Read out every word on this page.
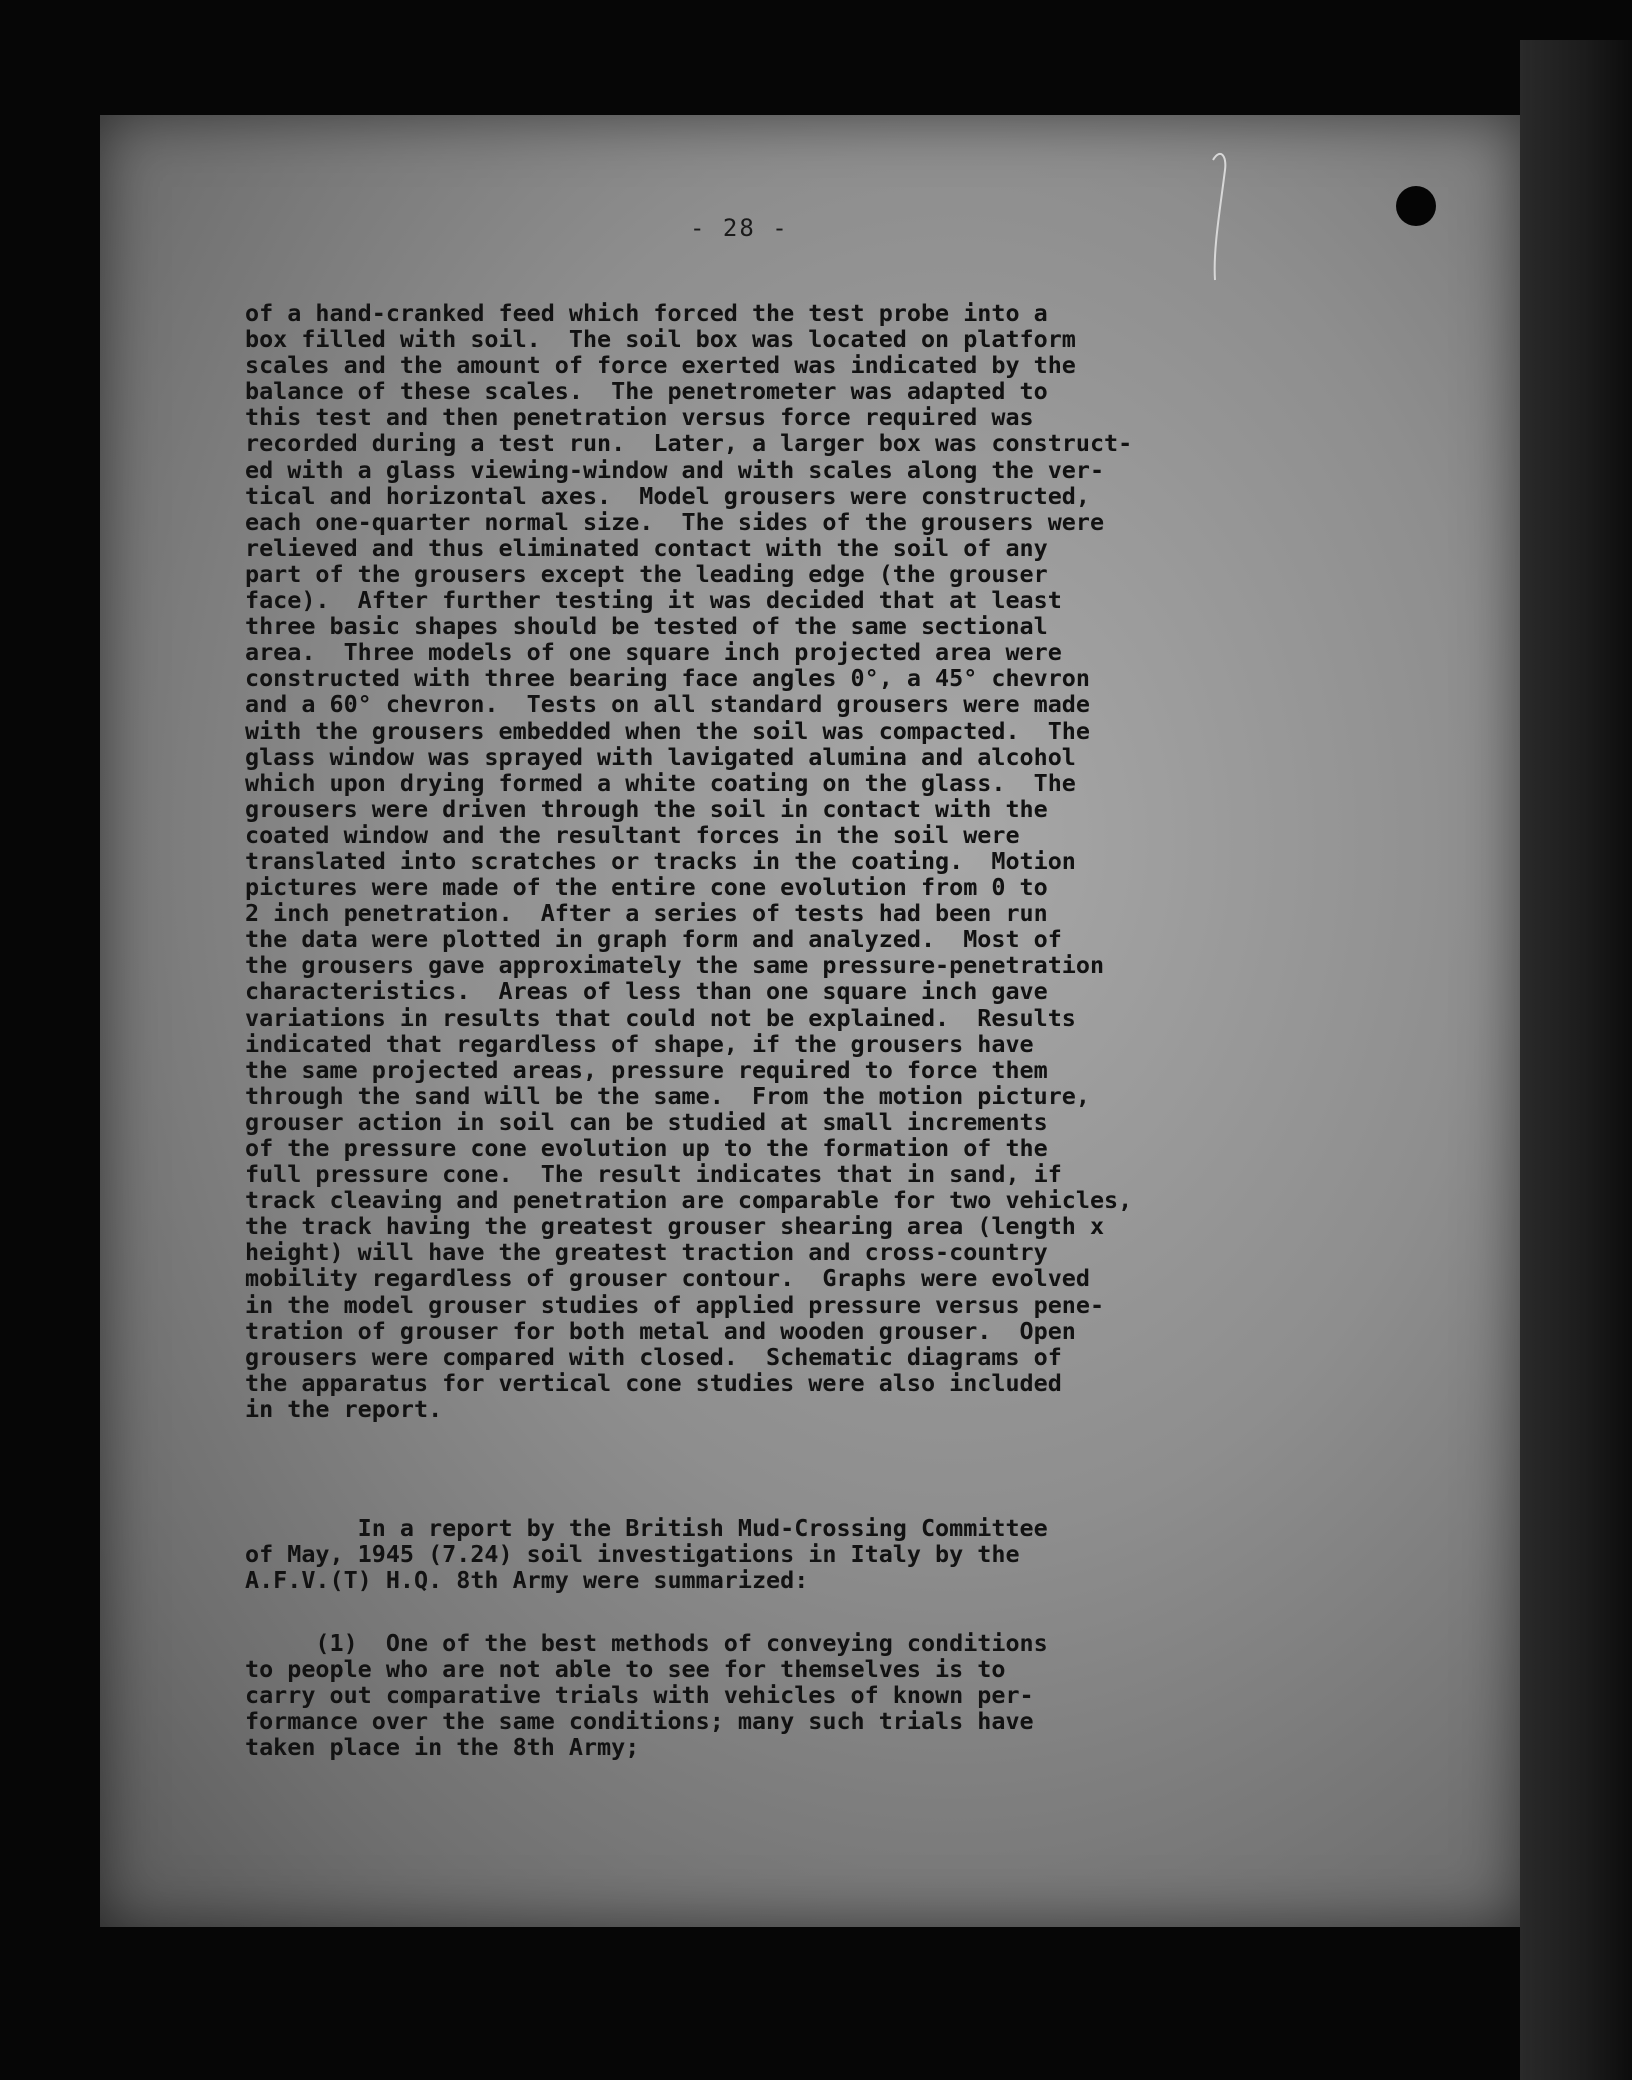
- 28 -
of a hand-cranked feed which forced the test probe into a
box filled with soil.  The soil box was located on platform
scales and the amount of force exerted was indicated by the
balance of these scales.  The penetrometer was adapted to
this test and then penetration versus force required was
recorded during a test run.  Later, a larger box was construct-
ed with a glass viewing-window and with scales along the ver-
tical and horizontal axes.  Model grousers were constructed,
each one-quarter normal size.  The sides of the grousers were
relieved and thus eliminated contact with the soil of any
part of the grousers except the leading edge (the grouser
face).  After further testing it was decided that at least
three basic shapes should be tested of the same sectional
area.  Three models of one square inch projected area were
constructed with three bearing face angles 0°, a 45° chevron
and a 60° chevron.  Tests on all standard grousers were made
with the grousers embedded when the soil was compacted.  The
glass window was sprayed with lavigated alumina and alcohol
which upon drying formed a white coating on the glass.  The
grousers were driven through the soil in contact with the
coated window and the resultant forces in the soil were
translated into scratches or tracks in the coating.  Motion
pictures were made of the entire cone evolution from 0 to
2 inch penetration.  After a series of tests had been run
the data were plotted in graph form and analyzed.  Most of
the grousers gave approximately the same pressure-penetration
characteristics.  Areas of less than one square inch gave
variations in results that could not be explained.  Results
indicated that regardless of shape, if the grousers have
the same projected areas, pressure required to force them
through the sand will be the same.  From the motion picture,
grouser action in soil can be studied at small increments
of the pressure cone evolution up to the formation of the
full pressure cone.  The result indicates that in sand, if
track cleaving and penetration are comparable for two vehicles,
the track having the greatest grouser shearing area (length x
height) will have the greatest traction and cross-country
mobility regardless of grouser contour.  Graphs were evolved
in the model grouser studies of applied pressure versus pene-
tration of grouser for both metal and wooden grouser.  Open
grousers were compared with closed.  Schematic diagrams of
the apparatus for vertical cone studies were also included
in the report.
In a report by the British Mud-Crossing Committee
of May, 1945 (7.24) soil investigations in Italy by the
A.F.V.(T) H.Q. 8th Army were summarized:
(1)  One of the best methods of conveying conditions
to people who are not able to see for themselves is to
carry out comparative trials with vehicles of known per-
formance over the same conditions; many such trials have
taken place in the 8th Army;
